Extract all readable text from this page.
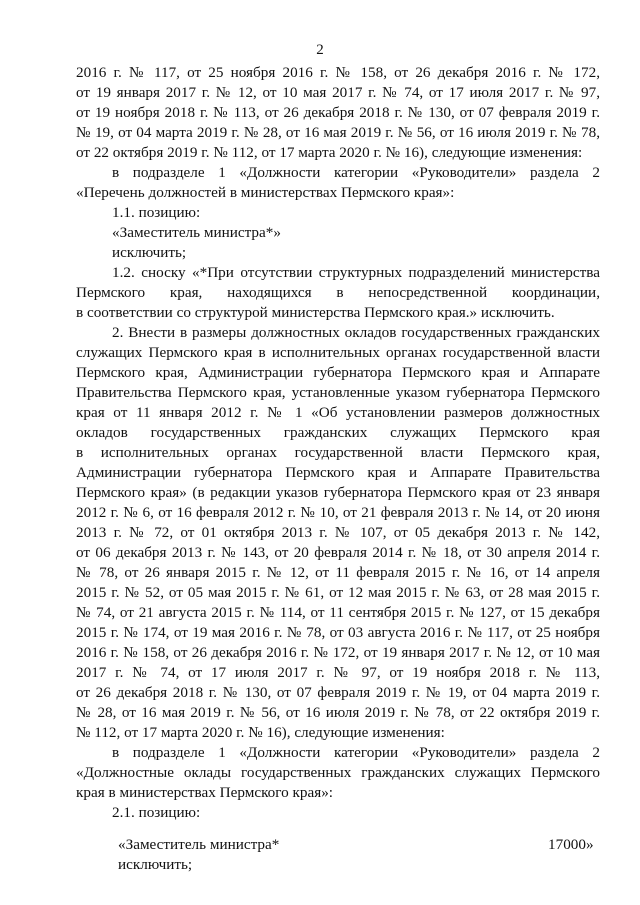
2
2016 г. № 117, от 25 ноября 2016 г. № 158, от 26 декабря 2016 г. № 172,
от 19 января 2017 г. № 12, от 10 мая 2017 г. № 74, от 17 июля 2017 г. № 97,
от 19 ноября 2018 г. № 113, от 26 декабря 2018 г. № 130, от 07 февраля 2019 г.
№ 19, от 04 марта 2019 г. № 28, от 16 мая 2019 г. № 56, от 16 июля 2019 г. № 78,
от 22 октября 2019 г. № 112, от 17 марта 2020 г. № 16), следующие изменения:
в подразделе 1 «Должности категории «Руководители» раздела 2
«Перечень должностей в министерствах Пермского края»:
1.1. позицию:
«Заместитель министра*»
исключить;
1.2. сноску «*При отсутствии структурных подразделений министерства
Пермского края, находящихся в непосредственной координации,
в соответствии со структурой министерства Пермского края.» исключить.
2. Внести в размеры должностных окладов государственных гражданских
служащих Пермского края в исполнительных органах государственной власти
Пермского края, Администрации губернатора Пермского края и Аппарате
Правительства Пермского края, установленные указом губернатора Пермского
края от 11 января 2012 г. № 1 «Об установлении размеров должностных
окладов государственных гражданских служащих Пермского края
в исполнительных органах государственной власти Пермского края,
Администрации губернатора Пермского края и Аппарате Правительства
Пермского края» (в редакции указов губернатора Пермского края от 23 января
2012 г. № 6, от 16 февраля 2012 г. № 10, от 21 февраля 2013 г. № 14, от 20 июня
2013 г. № 72, от 01 октября 2013 г. № 107, от 05 декабря 2013 г. № 142,
от 06 декабря 2013 г. № 143, от 20 февраля 2014 г. № 18, от 30 апреля 2014 г.
№ 78, от 26 января 2015 г. № 12, от 11 февраля 2015 г. № 16, от 14 апреля
2015 г. № 52, от 05 мая 2015 г. № 61, от 12 мая 2015 г. № 63, от 28 мая 2015 г.
№ 74, от 21 августа 2015 г. № 114, от 11 сентября 2015 г. № 127, от 15 декабря
2015 г. № 174, от 19 мая 2016 г. № 78, от 03 августа 2016 г. № 117, от 25 ноября
2016 г. № 158, от 26 декабря 2016 г. № 172, от 19 января 2017 г. № 12, от 10 мая
2017 г. № 74, от 17 июля 2017 г. № 97, от 19 ноября 2018 г. № 113,
от 26 декабря 2018 г. № 130, от 07 февраля 2019 г. № 19, от 04 марта 2019 г.
№ 28, от 16 мая 2019 г. № 56, от 16 июля 2019 г. № 78, от 22 октября 2019 г.
№ 112, от 17 марта 2020 г. № 16), следующие изменения:
в подразделе 1 «Должности категории «Руководители» раздела 2
«Должностные оклады государственных гражданских служащих Пермского
края в министерствах Пермского края»:
2.1. позицию:
«Заместитель министра*	17000»
исключить;
